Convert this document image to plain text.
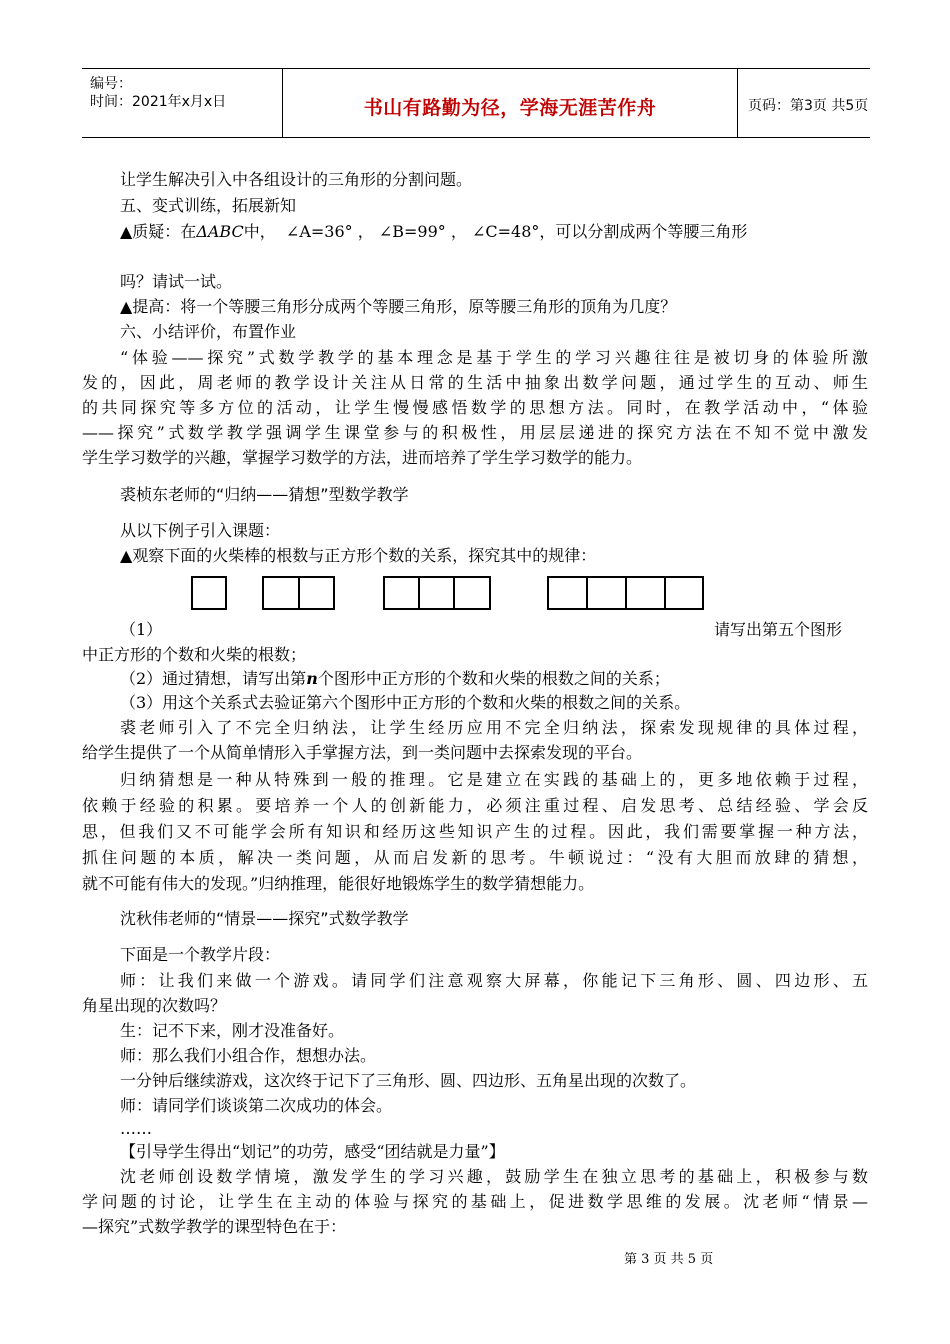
编号：
时间：2021年x月x日	书山有路勤为径，学海无涯苦作舟	页码：第3页 共5页
让学生解决引入中各组设计的三角形的分割问题。
五、变式训练，拓展新知
▲质疑：在ΔABC中， ∠A=36° ， ∠B=99° ， ∠C=48°，可以分割成两个等腰三角形
吗？请试一试。
▲提高：将一个等腰三角形分成两个等腰三角形，原等腰三角形的顶角为几度？
六、小结评价，布置作业
“体验——探究”式数学教学的基本理念是基于学生的学习兴趣往往是被切身的体验所激
发的，因此，周老师的教学设计关注从日常的生活中抽象出数学问题，通过学生的互动、师生
的共同探究等多方位的活动，让学生慢慢感悟数学的思想方法。同时，在教学活动中，“体验
——探究”式数学教学强调学生课堂参与的积极性，用层层递进的探究方法在不知不觉中激发
学生学习数学的兴趣，掌握学习数学的方法，进而培养了学生学习数学的能力。
裘桢东老师的“归纳——猜想”型数学教学
从以下例子引入课题：
▲观察下面的火柴棒的根数与正方形个数的关系，探究其中的规律：
（1）	请写出第五个图形
中正方形的个数和火柴的根数；
（2）通过猜想，请写出第n个图形中正方形的个数和火柴的根数之间的关系；
（3）用这个关系式去验证第六个图形中正方形的个数和火柴的根数之间的关系。
裘老师引入了不完全归纳法，让学生经历应用不完全归纳法，探索发现规律的具体过程，
给学生提供了一个从简单情形入手掌握方法，到一类问题中去探索发现的平台。
归纳猜想是一种从特殊到一般的推理。它是建立在实践的基础上的，更多地依赖于过程，
依赖于经验的积累。要培养一个人的创新能力，必须注重过程、启发思考、总结经验、学会反
思，但我们又不可能学会所有知识和经历这些知识产生的过程。因此，我们需要掌握一种方法，
抓住问题的本质，解决一类问题，从而启发新的思考。牛顿说过：“没有大胆而放肆的猜想，
就不可能有伟大的发现。”归纳推理，能很好地锻炼学生的数学猜想能力。
沈秋伟老师的“情景——探究”式数学教学
下面是一个教学片段：
师：让我们来做一个游戏。请同学们注意观察大屏幕，你能记下三角形、圆、四边形、五
角星出现的次数吗？
生：记不下来，刚才没准备好。
师：那么我们小组合作，想想办法。
一分钟后继续游戏，这次终于记下了三角形、圆、四边形、五角星出现的次数了。
师：请同学们谈谈第二次成功的体会。
……
【引导学生得出“划记”的功劳，感受“团结就是力量”】
沈老师创设数学情境，激发学生的学习兴趣，鼓励学生在独立思考的基础上，积极参与数
学问题的讨论，让学生在主动的体验与探究的基础上，促进数学思维的发展。沈老师“情景—
—探究”式数学教学的课型特色在于：
第 3 页 共 5 页
